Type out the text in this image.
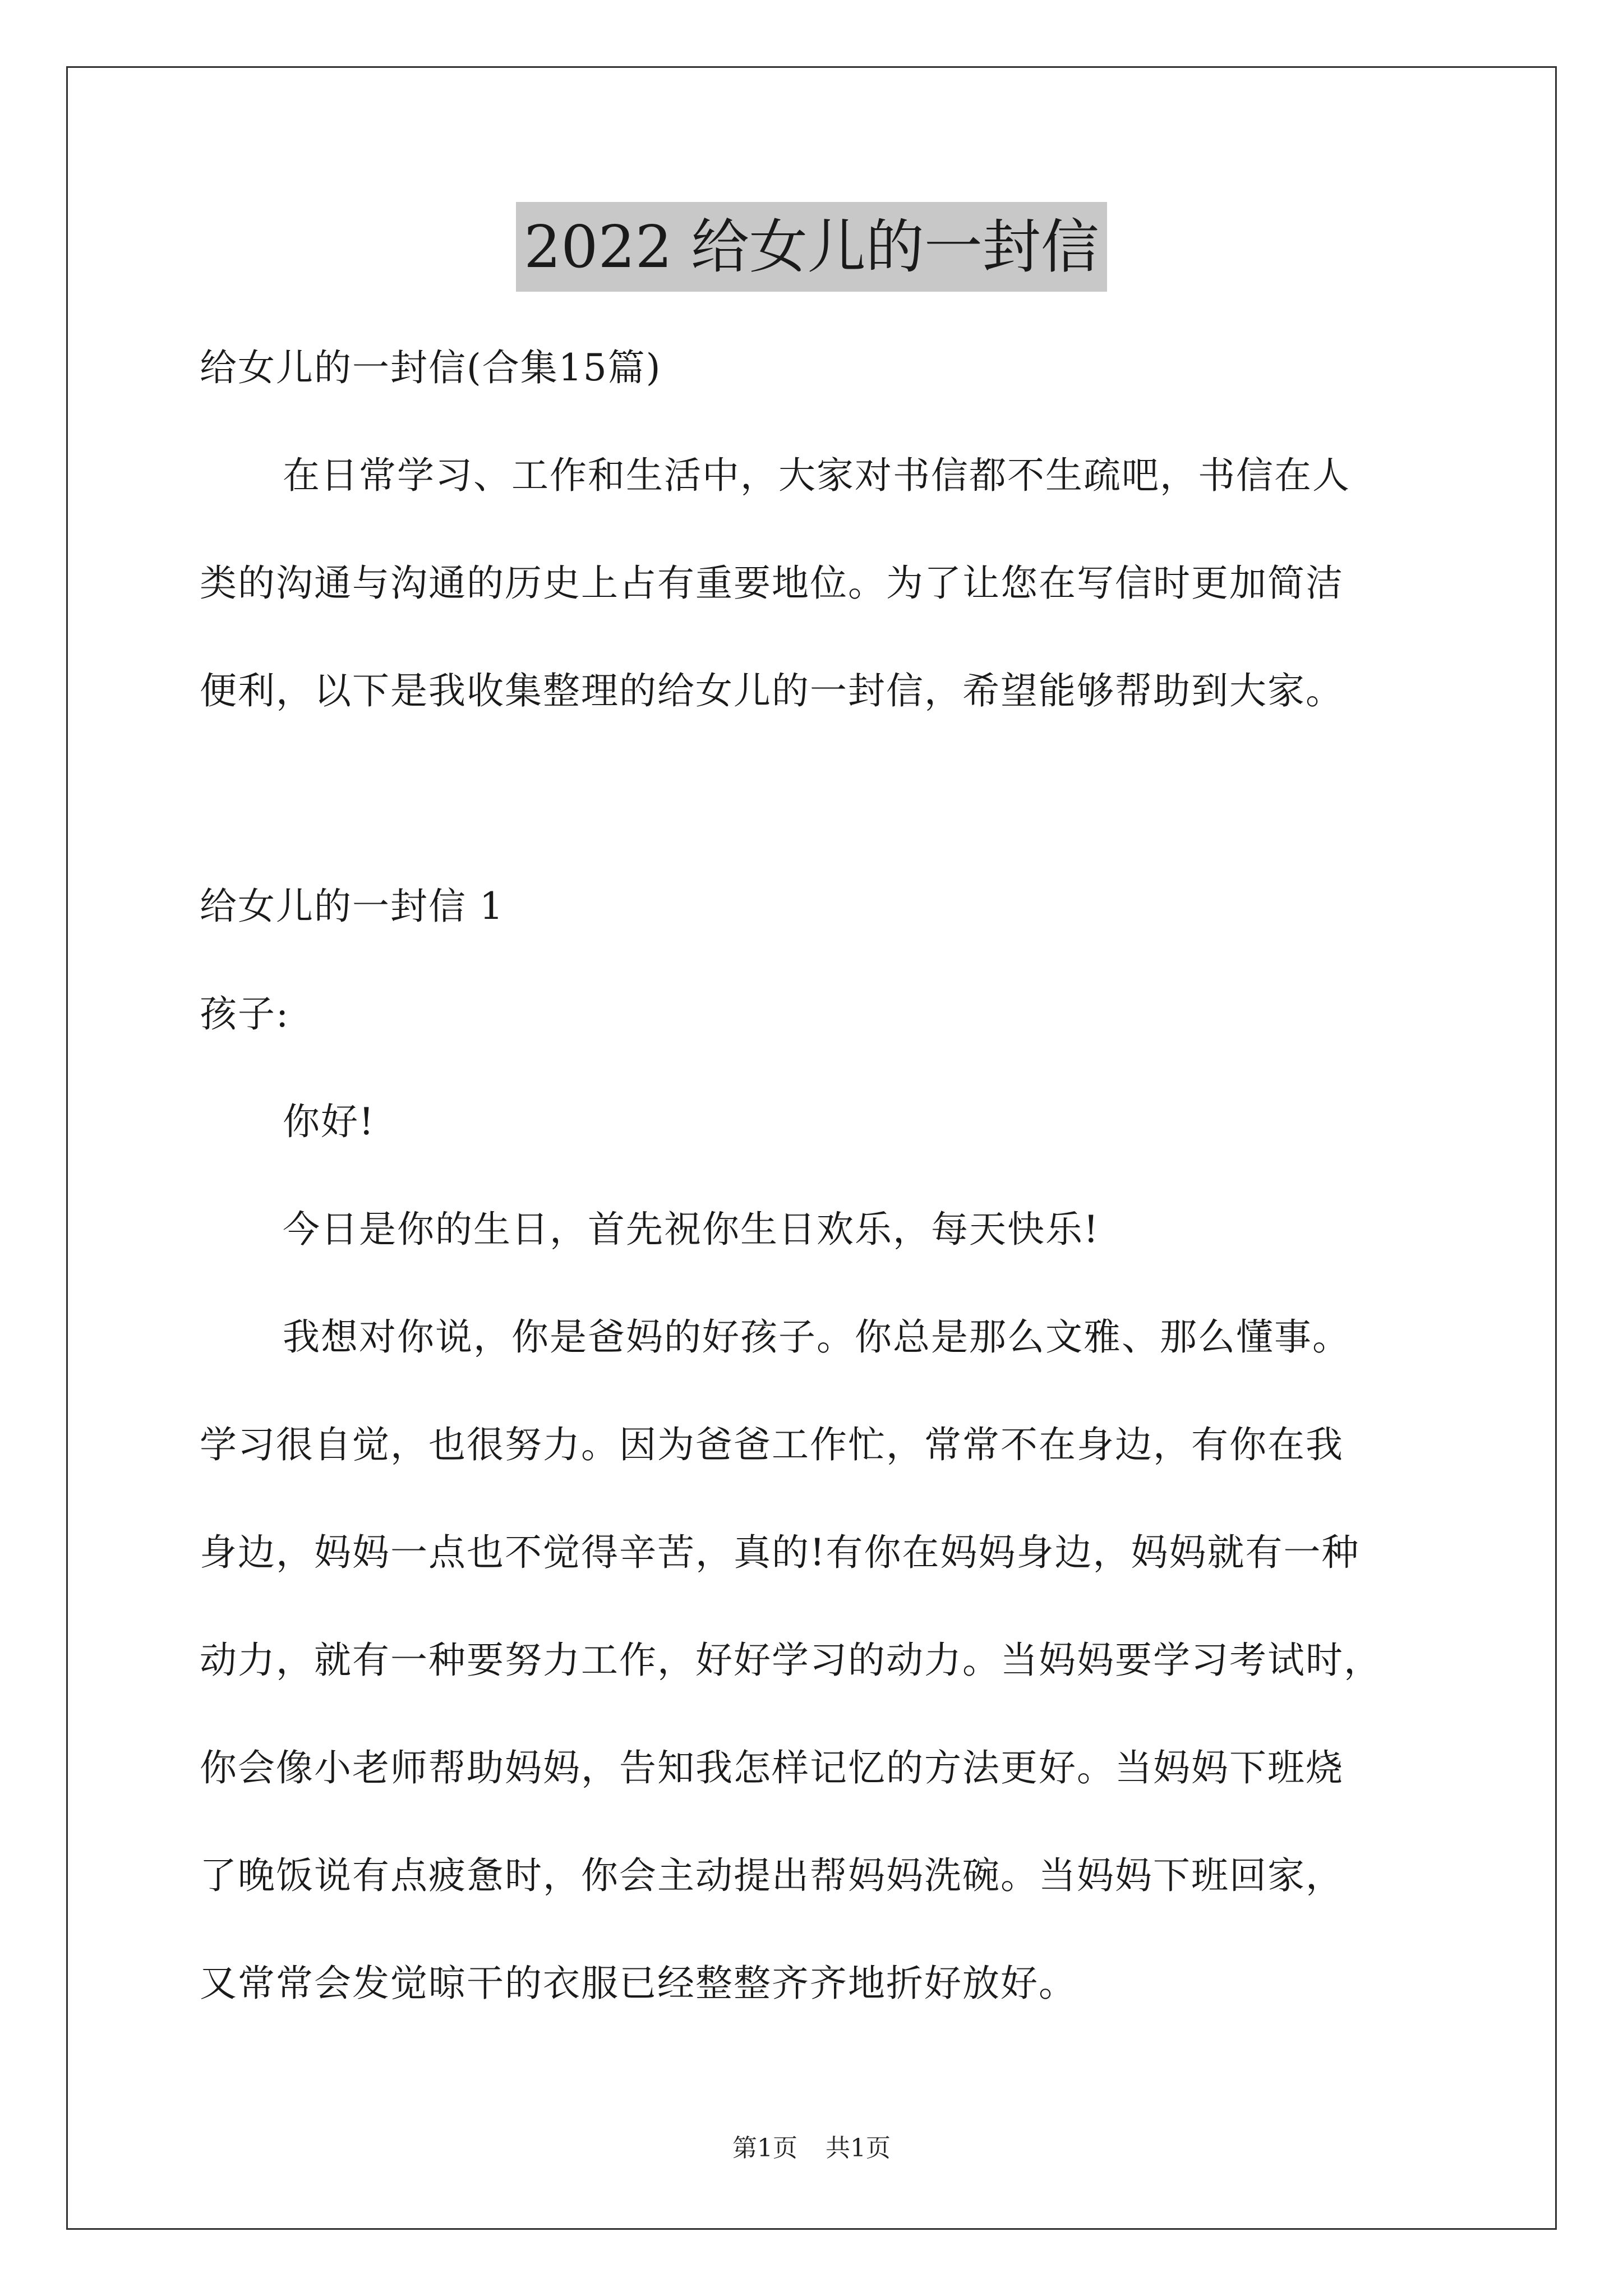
2022 给女儿的一封信
给女儿的一封信(合集15篇)
在日常学习、工作和生活中，大家对书信都不生疏吧，书信在人
类的沟通与沟通的历史上占有重要地位。为了让您在写信时更加简洁
便利，以下是我收集整理的给女儿的一封信，希望能够帮助到大家。
给女儿的一封信 1
孩子:
你好!
今日是你的生日，首先祝你生日欢乐，每天快乐!
我想对你说，你是爸妈的好孩子。你总是那么文雅、那么懂事。
学习很自觉，也很努力。因为爸爸工作忙，常常不在身边，有你在我
身边，妈妈一点也不觉得辛苦，真的!有你在妈妈身边，妈妈就有一种
动力，就有一种要努力工作，好好学习的动力。当妈妈要学习考试时，
你会像小老师帮助妈妈，告知我怎样记忆的方法更好。当妈妈下班烧
了晚饭说有点疲惫时，你会主动提出帮妈妈洗碗。当妈妈下班回家，
又常常会发觉晾干的衣服已经整整齐齐地折好放好。
第1页 共1页
